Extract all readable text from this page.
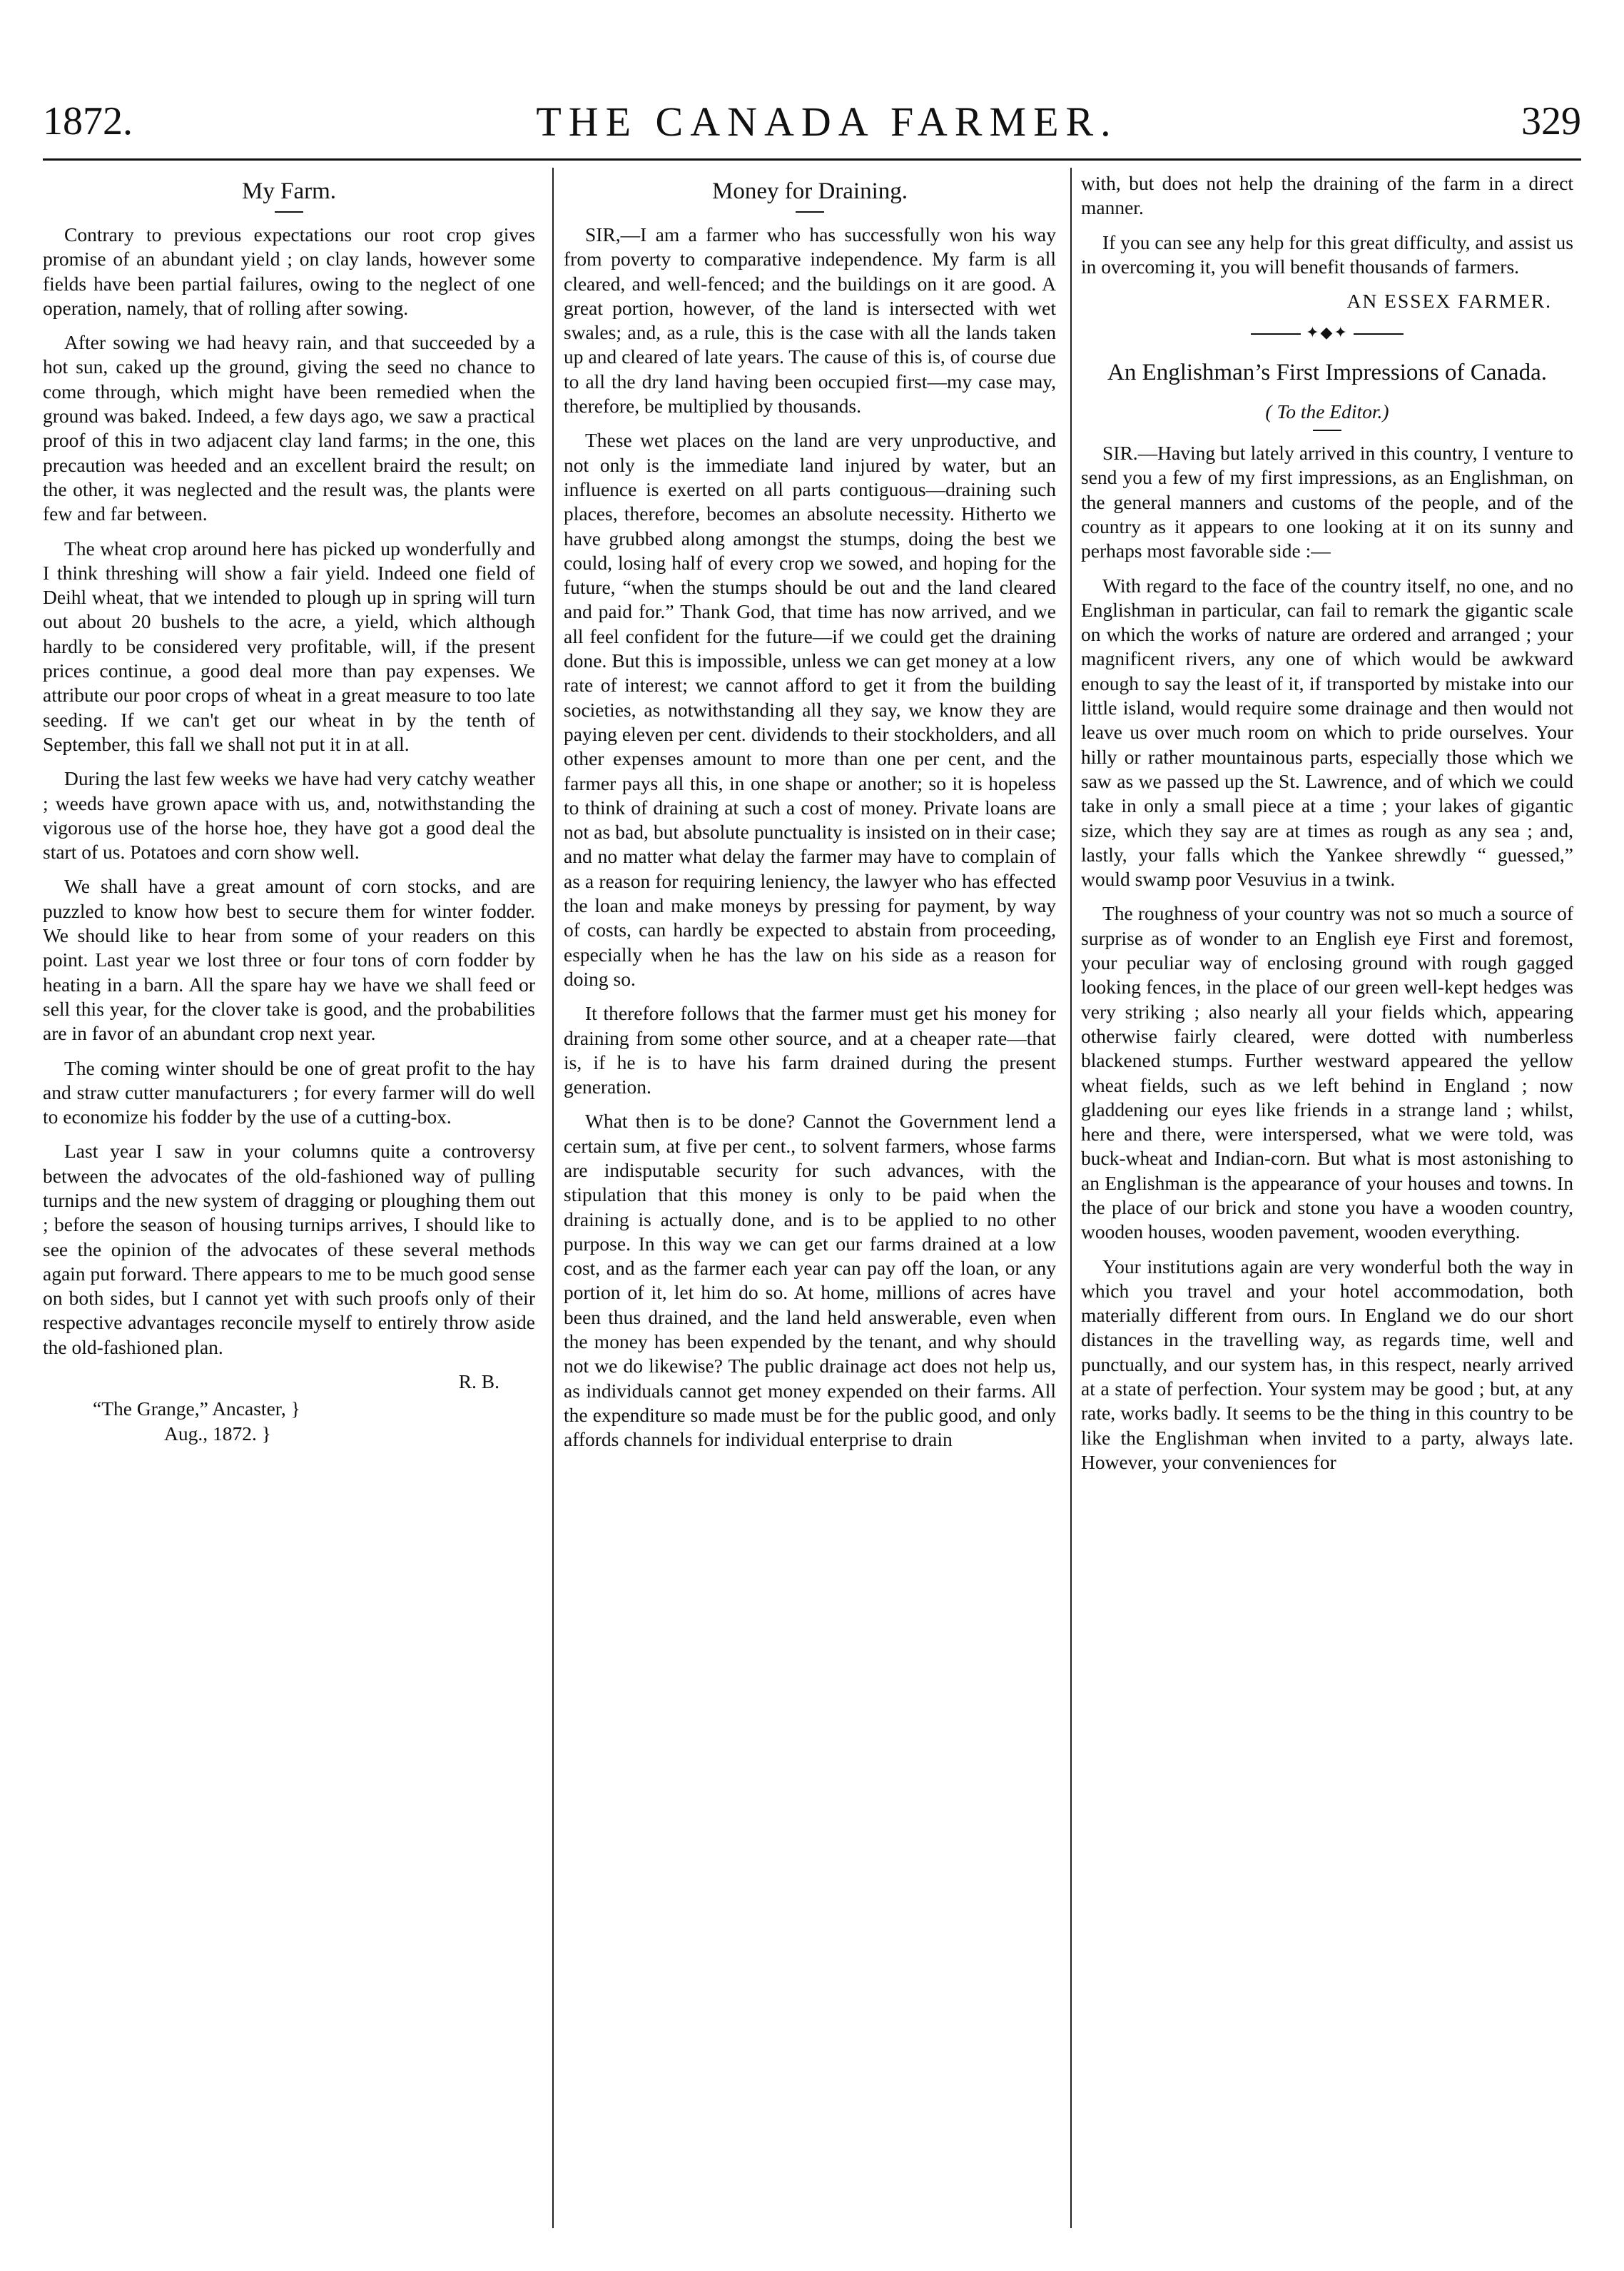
1872.	THE CANADA FARMER.	329
My Farm.

Contrary to previous expectations our root crop gives promise of an abundant yield ; on clay lands, however some fields have been partial failures, owing to the neglect of one operation, namely, that of rolling after sowing.

After sowing we had heavy rain, and that succeeded by a hot sun, caked up the ground, giving the seed no chance to come through, which might have been remedied when the ground was baked. Indeed, a few days ago, we saw a practical proof of this in two adjacent clay land farms; in the one, this precaution was heeded and an excellent braird the result; on the other, it was neglected and the result was, the plants were few and far between.

The wheat crop around here has picked up wonderfully and I think threshing will show a fair yield. Indeed one field of Deihl wheat, that we intended to plough up in spring will turn out about 20 bushels to the acre, a yield, which although hardly to be considered very profitable, will, if the present prices continue, a good deal more than pay expenses. We attribute our poor crops of wheat in a great measure to too late seeding. If we can't get our wheat in by the tenth of September, this fall we shall not put it in at all.

During the last few weeks we have had very catchy weather ; weeds have grown apace with us, and, notwithstanding the vigorous use of the horse hoe, they have got a good deal the start of us. Potatoes and corn show well.

We shall have a great amount of corn stocks, and are puzzled to know how best to secure them for winter fodder. We should like to hear from some of your readers on this point. Last year we lost three or four tons of corn fodder by heating in a barn. All the spare hay we have we shall feed or sell this year, for the clover take is good, and the probabilities are in favor of an abundant crop next year.

The coming winter should be one of great profit to the hay and straw cutter manufacturers ; for every farmer will do well to economize his fodder by the use of a cutting-box.

Last year I saw in your columns quite a controversy between the advocates of the old-fashioned way of pulling turnips and the new system of dragging or ploughing them out ; before the season of housing turnips arrives, I should like to see the opinion of the advocates of these several methods again put forward. There appears to me to be much good sense on both sides, but I cannot yet with such proofs only of their respective advantages reconcile myself to entirely throw aside the old-fashioned plan.

R. B.

“The Grange,” Ancaster, }

Aug., 1872. }

Money for Draining.

SIR,—I am a farmer who has successfully won his way from poverty to comparative independence. My farm is all cleared, and well-fenced; and the buildings on it are good. A great portion, however, of the land is intersected with wet swales; and, as a rule, this is the case with all the lands taken up and cleared of late years. The cause of this is, of course due to all the dry land having been occupied first—my case may, therefore, be multiplied by thousands.

These wet places on the land are very unproductive, and not only is the immediate land injured by water, but an influence is exerted on all parts contiguous—draining such places, therefore, becomes an absolute necessity. Hitherto we have grubbed along amongst the stumps, doing the best we could, losing half of every crop we sowed, and hoping for the future, “when the stumps should be out and the land cleared and paid for.” Thank God, that time has now arrived, and we all feel confident for the future—if we could get the draining done. But this is impossible, unless we can get money at a low rate of interest; we cannot afford to get it from the building societies, as notwithstanding all they say, we know they are paying eleven per cent. dividends to their stockholders, and all other expenses amount to more than one per cent, and the farmer pays all this, in one shape or another; so it is hopeless to think of draining at such a cost of money. Private loans are not as bad, but absolute punctuality is insisted on in their case; and no matter what delay the farmer may have to complain of as a reason for requiring leniency, the lawyer who has effected the loan and make moneys by pressing for payment, by way of costs, can hardly be expected to abstain from proceeding, especially when he has the law on his side as a reason for doing so.

It therefore follows that the farmer must get his money for draining from some other source, and at a cheaper rate—that is, if he is to have his farm drained during the present generation.

What then is to be done? Cannot the Government lend a certain sum, at five per cent., to solvent farmers, whose farms are indisputable security for such advances, with the stipulation that this money is only to be paid when the draining is actually done, and is to be applied to no other purpose. In this way we can get our farms drained at a low cost, and as the farmer each year can pay off the loan, or any portion of it, let him do so. At home, millions of acres have been thus drained, and the land held answerable, even when the money has been expended by the tenant, and why should not we do likewise? The public drainage act does not help us, as individuals cannot get money expended on their farms. All the expenditure so made must be for the public good, and only affords channels for individual enterprise to drain

with, but does not help the draining of the farm in a direct manner.

If you can see any help for this great difficulty, and assist us in overcoming it, you will benefit thousands of farmers.

AN ESSEX FARMER.

✦◆✦
An Englishman’s First Impressions of Canada.

( To the Editor.)

SIR.—Having but lately arrived in this country, I venture to send you a few of my first impressions, as an Englishman, on the general manners and customs of the people, and of the country as it appears to one looking at it on its sunny and perhaps most favorable side :—

With regard to the face of the country itself, no one, and no Englishman in particular, can fail to remark the gigantic scale on which the works of nature are ordered and arranged ; your magnificent rivers, any one of which would be awkward enough to say the least of it, if transported by mistake into our little island, would require some drainage and then would not leave us over much room on which to pride ourselves. Your hilly or rather mountainous parts, especially those which we saw as we passed up the St. Lawrence, and of which we could take in only a small piece at a time ; your lakes of gigantic size, which they say are at times as rough as any sea ; and, lastly, your falls which the Yankee shrewdly “ guessed,” would swamp poor Vesuvius in a twink.

The roughness of your country was not so much a source of surprise as of wonder to an English eye First and foremost, your peculiar way of enclosing ground with rough gagged looking fences, in the place of our green well-kept hedges was very striking ; also nearly all your fields which, appearing otherwise fairly cleared, were dotted with numberless blackened stumps. Further westward appeared the yellow wheat fields, such as we left behind in England ; now gladdening our eyes like friends in a strange land ; whilst, here and there, were interspersed, what we were told, was buck-wheat and Indian-corn. But what is most astonishing to an Englishman is the appearance of your houses and towns. In the place of our brick and stone you have a wooden country, wooden houses, wooden pavement, wooden everything.

Your institutions again are very wonderful both the way in which you travel and your hotel accommodation, both materially different from ours. In England we do our short distances in the travelling way, as regards time, well and punctually, and our system has, in this respect, nearly arrived at a state of perfection. Your system may be good ; but, at any rate, works badly. It seems to be the thing in this country to be like the Englishman when invited to a party, always late. However, your conveniences for
